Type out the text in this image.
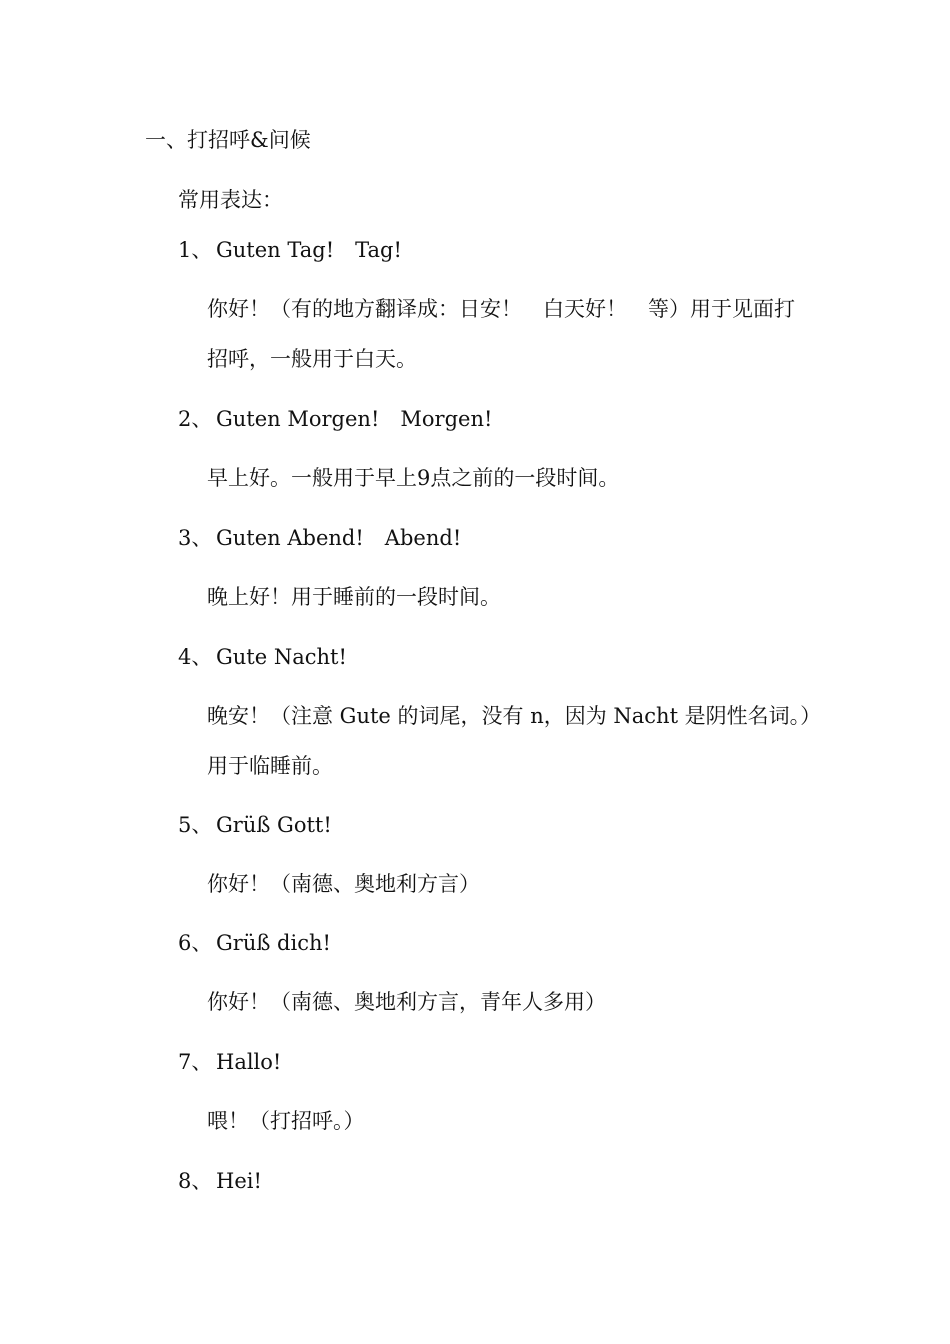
一、打招呼&问候
常用表达：
1、 Guten Tag!　Tag!
你好！（有的地方翻译成：日安！　白天好！　等）用于见面打
招呼，一般用于白天。
2、 Guten Morgen!　Morgen!
早上好。一般用于早上9点之前的一段时间。
3、 Guten Abend!　Abend!
晚上好！用于睡前的一段时间。
4、 Gute Nacht!
晚安！（注意 Gute 的词尾，没有 n，因为 Nacht 是阴性名词。）
用于临睡前。
5、 Grüß Gott!
你好！（南德、奥地利方言）
6、 Grüß dich!
你好！（南德、奥地利方言，青年人多用）
7、 Hallo!
喂！（打招呼。）
8、 Hei!
